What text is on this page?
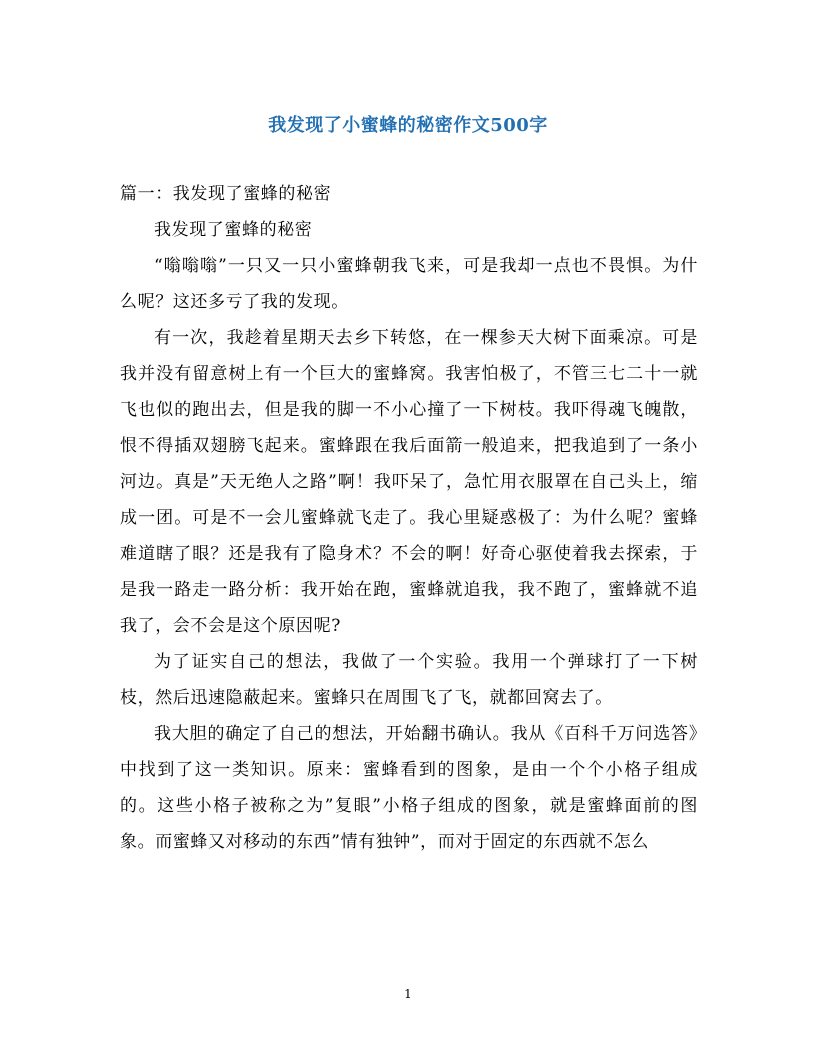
我发现了小蜜蜂的秘密作文500字

篇一：我发现了蜜蜂的秘密

我发现了蜜蜂的秘密

“嗡嗡嗡”一只又一只小蜜蜂朝我飞来，可是我却一点也不畏惧。为什么呢？这还多亏了我的发现。

有一次，我趁着星期天去乡下转悠，在一棵参天大树下面乘凉。可是我并没有留意树上有一个巨大的蜜蜂窝。我害怕极了，不管三七二十一就飞也似的跑出去，但是我的脚一不小心撞了一下树枝。我吓得魂飞魄散，恨不得插双翅膀飞起来。蜜蜂跟在我后面箭一般追来，把我追到了一条小河边。真是”天无绝人之路”啊！我吓呆了，急忙用衣服罩在自己头上，缩成一团。可是不一会儿蜜蜂就飞走了。我心里疑惑极了：为什么呢？蜜蜂难道瞎了眼？还是我有了隐身术？不会的啊！好奇心驱使着我去探索，于是我一路走一路分析：我开始在跑，蜜蜂就追我，我不跑了，蜜蜂就不追我了，会不会是这个原因呢?

为了证实自己的想法，我做了一个实验。我用一个弹球打了一下树枝，然后迅速隐蔽起来。蜜蜂只在周围飞了飞，就都回窝去了。

我大胆的确定了自己的想法，开始翻书确认。我从《百科千万问选答》中找到了这一类知识。原来：蜜蜂看到的图象，是由一个个小格子组成的。这些小格子被称之为”复眼”小格子组成的图象，就是蜜蜂面前的图象。而蜜蜂又对移动的东西”情有独钟”，而对于固定的东西就不怎么

1
